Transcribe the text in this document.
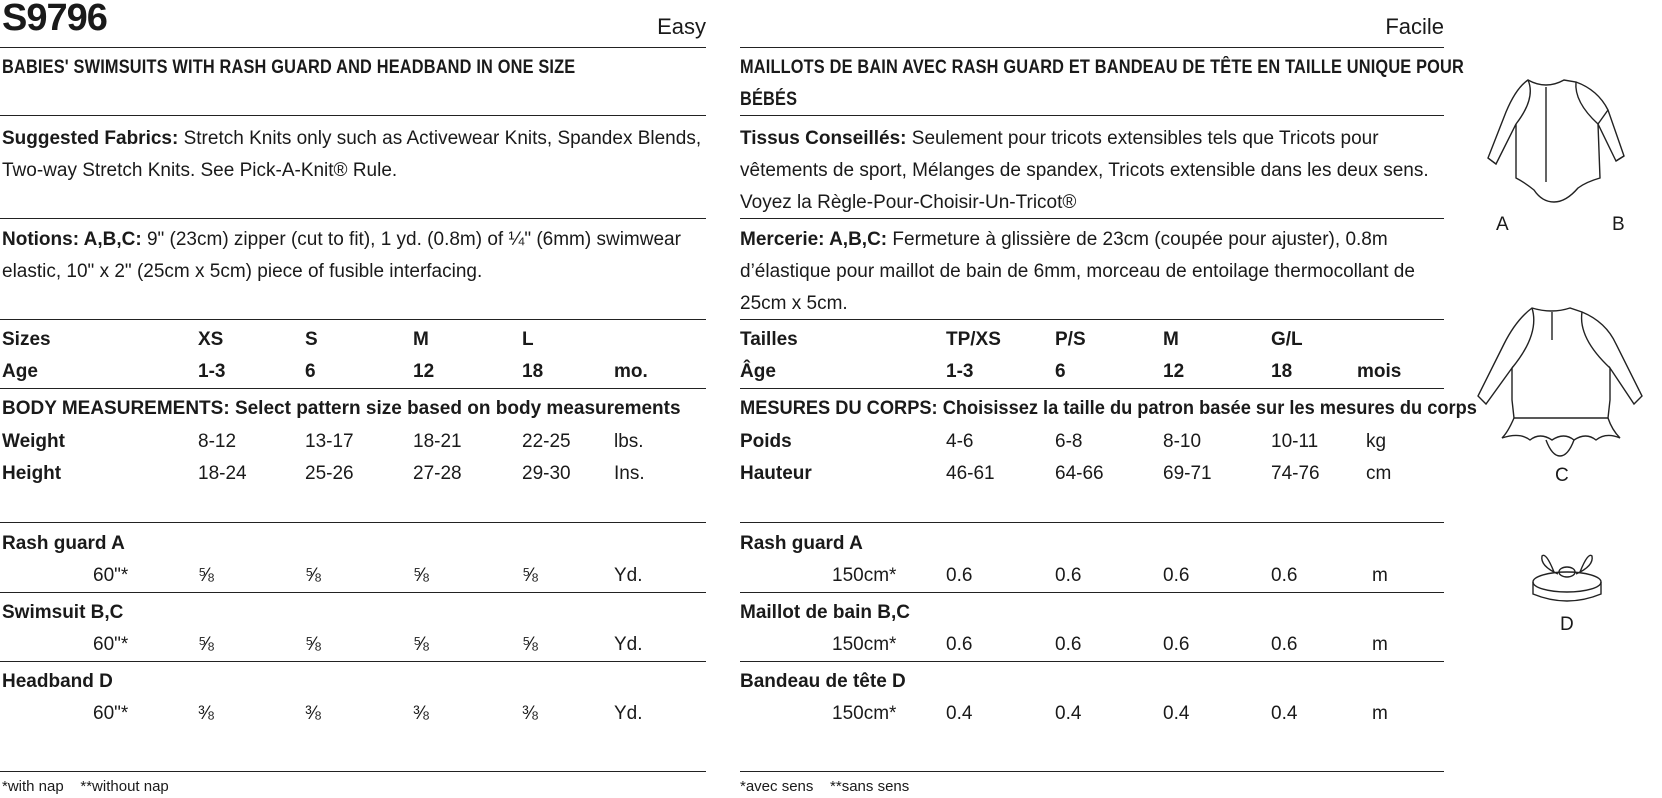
S9796	Easy
BABIES' SWIMSUITS WITH RASH GUARD AND HEADBAND IN ONE SIZE
Suggested Fabrics: Stretch Knits only such as Activewear Knits, Spandex Blends, Two-way Stretch Knits. See Pick-A-Knit® Rule.
Notions: A,B,C: 9" (23cm) zipper (cut to fit), 1 yd. (0.8m) of ¼" (6mm) swimwear elastic, 10" x 2" (25cm x 5cm) piece of fusible interfacing.
Sizes	XS	S	M	L
Age	1-3	6	12	18	mo.
BODY MEASUREMENTS: Select pattern size based on body measurements
Weight	8-12	13-17	18-21	22-25 lbs.
Height	18-24	25-26	27-28	29-30 Ins.
Rash guard A
60"*	⅝	⅝	⅝	⅝	Yd.
Swimsuit B,C
60"*	⅝	⅝	⅝	⅝	Yd.
Headband D
60"*	⅜	⅜	⅜	⅜	Yd.
*with nap    **without nap
Facile
MAILLOTS DE BAIN AVEC RASH GUARD ET BANDEAU DE TÊTE EN TAILLE UNIQUE POUR
BÉBÉS
Tissus Conseillés: Seulement pour tricots extensibles tels que Tricots pour vêtements de sport, Mélanges de spandex, Tricots extensible dans les deux sens. Voyez la Règle-Pour-Choisir-Un-Tricot®
Mercerie: A,B,C: Fermeture à glissière de 23cm (coupée pour ajuster), 0.8m d’élastique pour maillot de bain de 6mm, morceau de entoilage thermocollant de 25cm x 5cm.
Tailles	TP/XS	P/S	M	G/L
Âge	1-3	6	12	18	mois
MESURES DU CORPS: Choisissez la taille du patron basée sur les mesures du corps
Poids	4-6	6-8	8-10	10-11	kg
Hauteur	46-61	64-66	69-71	74-76 cm
Rash guard A
150cm*	0.6	0.6	0.6	0.6	m
Maillot de bain B,C
150cm*	0.6	0.6	0.6	0.6	m
Bandeau de tête D
150cm*	0.4	0.4	0.4	0.4	m
*avec sens    **sans sens
A	B
C
D
